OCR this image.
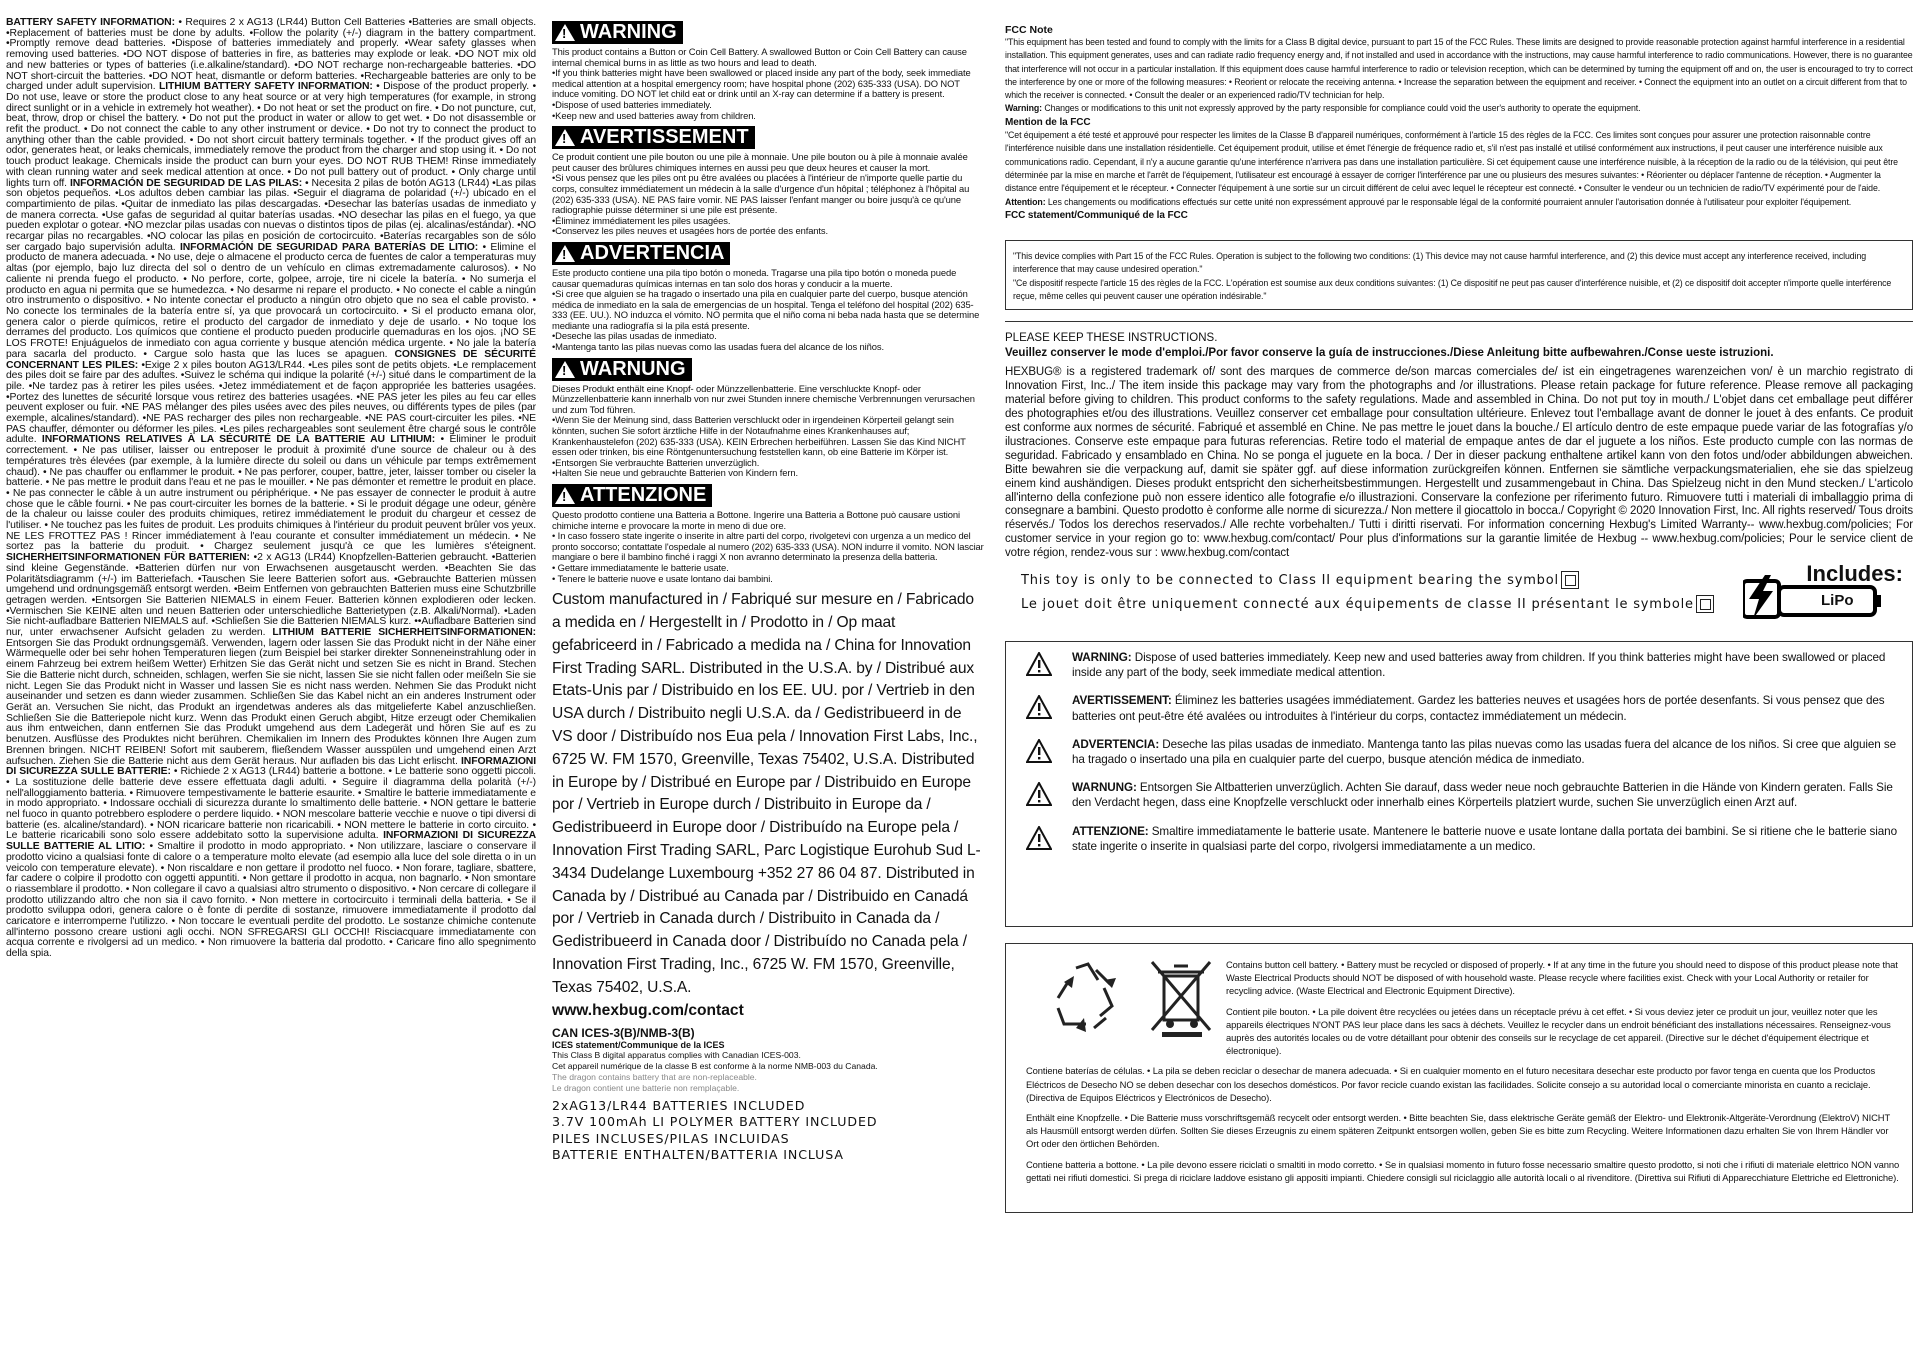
BATTERY SAFETY INFORMATION: • Requires 2 x AG13 (LR44) Button Cell Batteries •Batteries are small objects. •Replacement of batteries must be done by adults. •Follow the polarity (+/-) diagram in the battery compartment. •Promptly remove dead batteries. •Dispose of batteries immediately and properly. •Wear safety glasses when removing used batteries. •DO NOT dispose of batteries in fire, as batteries may explode or leak. •DO NOT mix old and new batteries or types of batteries (i.e.alkaline/standard). •DO NOT recharge non-rechargeable batteries. •DO NOT short-circuit the batteries. •DO NOT heat, dismantle or deform batteries. •Rechargeable batteries are only to be charged under adult supervision. LITHIUM BATTERY SAFETY INFORMATION: • Dispose of the product properly. • Do not use, leave or store the product close to any heat source or at very high temperatures (for example, in strong direct sunlight or in a vehicle in extremely hot weather). • Do not heat or set the product on fire. • Do not puncture, cut, beat, throw, drop or chisel the battery. • Do not put the product in water or allow to get wet. • Do not disassemble or refit the product. • Do not connect the cable to any other instrument or device. • Do not try to connect the product to anything other than the cable provided. • Do not short circuit battery terminals together. • If the product gives off an odor, generates heat, or leaks chemicals, immediately remove the product from the charger and stop using it. • Do not touch product leakage. Chemicals inside the product can burn your eyes. DO NOT RUB THEM! Rinse immediately with clean running water and seek medical attention at once. • Do not pull battery out of product. • Only charge until lights turn off. INFORMACIÓN DE SEGURIDAD DE LAS PILAS: • Necesita 2 pilas de botón AG13 (LR44) •Las pilas son objetos pequeños. •Los adultos deben cambiar las pilas. •Seguir el diagrama de polaridad (+/-) ubicado en el compartimiento de pilas. •Quitar de inmediato las pilas descargadas. •Desechar las baterías usadas de inmediato y de manera correcta. •Use gafas de seguridad al quitar baterías usadas. •NO desechar las pilas en el fuego, ya que pueden explotar o gotear. •NO mezclar pilas usadas con nuevas o distintos tipos de pilas (ej. alcalinas/estándar). •NO recargar pilas no recargables. •NO colocar las pilas en posición de cortocircuito. •Baterías recargables son de sólo ser cargado bajo supervisión adulta. INFORMACIÓN DE SEGURIDAD PARA BATERÍAS DE LITIO: • Elimine el producto de manera adecuada. • No use, deje o almacene el producto cerca de fuentes de calor a temperaturas muy altas (por ejemplo, bajo luz directa del sol o dentro de un vehículo en climas extremadamente calurosos). • No caliente ni prenda fuego el producto. • No perfore, corte, golpee, arroje, tire ni cicele la batería. • No sumerja el producto en agua ni permita que se humedezca. • No desarme ni repare el producto. • No conecte el cable a ningún otro instrumento o dispositivo. • No intente conectar el producto a ningún otro objeto que no sea el cable provisto. • No conecte los terminales de la batería entre sí, ya que provocará un cortocircuito. • Si el producto emana olor, genera calor o pierde químicos, retire el producto del cargador de inmediato y deje de usarlo. • No toque los derrames del producto. Los químicos que contiene el producto pueden producirle quemaduras en los ojos. ¡NO SE LOS FROTE! Enjuáguelos de inmediato con agua corriente y busque atención médica urgente. • No jale la batería para sacarla del producto. • Cargue solo hasta que las luces se apaguen. CONSIGNES DE SÉCURITÉ CONCERNANT LES PILES: •Exige 2 x piles bouton AG13/LR44. •Les piles sont de petits objets. •Le remplacement des piles doit se faire par des adultes. •Suivez le schéma qui indique la polarité (+/-) situé dans le compartiment de la pile. •Ne tardez pas à retirer les piles usées. •Jetez immédiatement et de façon appropriée les batteries usagées. •Portez des lunettes de sécurité lorsque vous retirez des batteries usagées. •NE PAS jeter les piles au feu car elles peuvent exploser ou fuir. •NE PAS mélanger des piles usées avec des piles neuves, ou différents types de piles (par exemple, alcalines/standard). •NE PAS recharger des piles non rechargeable. •NE PAS court-circuiter les piles. •NE PAS chauffer, démonter ou déformer les piles. •Les piles rechargeables sont seulement être chargé sous le contrôle adulte. INFORMATIONS RELATIVES À LA SÉCURITÉ DE LA BATTERIE AU LITHIUM: • Éliminer le produit correctement. • Ne pas utiliser, laisser ou entreposer le produit à proximité d'une source de chaleur ou à des températures très élevées (par exemple, à la lumière directe du soleil ou dans un véhicule par temps extrêmement chaud). • Ne pas chauffer ou enflammer le produit. • Ne pas perforer, couper, battre, jeter, laisser tomber ou ciseler la batterie. • Ne pas mettre le produit dans l'eau et ne pas le mouiller. • Ne pas démonter et remettre le produit en place. • Ne pas connecter le câble à un autre instrument ou périphérique. • Ne pas essayer de connecter le produit à autre chose que le câble fourni. • Ne pas court-circuiter les bornes de la batterie. • Si le produit dégage une odeur, génère de la chaleur ou laisse couler des produits chimiques, retirez immédiatement le produit du chargeur et cessez de l'utiliser. • Ne touchez pas les fuites de produit. Les produits chimiques à l'intérieur du produit peuvent brûler vos yeux. NE LES FROTTEZ PAS ! Rincer immédiatement à l'eau courante et consulter immédiatement un médecin. • Ne sortez pas la batterie du produit. • Chargez seulement jusqu'à ce que les lumières s'éteignent. SICHERHEITSINFORMATIONEN FÜR BATTERIEN: •2 x AG13 (LR44) Knopfzellen-Batterien gebraucht. •Batterien sind kleine Gegenstände. •Batterien dürfen nur von Erwachsenen ausgetauscht werden. •Beachten Sie das Polaritätsdiagramm (+/-) im Batteriefach. •Tauschen Sie leere Batterien sofort aus. •Gebrauchte Batterien müssen umgehend und ordnungsgemäß entsorgt werden. •Beim Entfernen von gebrauchten Batterien muss eine Schutzbrille getragen werden. •Entsorgen Sie Batterien NIEMALS in einem Feuer. Batterien können explodieren oder lecken. •Vermischen Sie KEINE alten und neuen Batterien oder unterschiedliche Batterietypen (z.B. Alkali/Normal). •Laden Sie nicht-aufladbare Batterien NIEMALS auf. •Schließen Sie die Batterien NIEMALS kurz. ••Aufladbare Batterien sind nur, unter erwachsener Aufsicht geladen zu werden. LITHIUM BATTERIE SICHERHEITSINFORMATIONEN: Entsorgen Sie das Produkt ordnungsgemäß. Verwenden, lagern oder lassen Sie das Produkt nicht in der Nähe einer Wärmequelle oder bei sehr hohen Temperaturen liegen (zum Beispiel bei starker direkter Sonneneinstrahlung oder in einem Fahrzeug bei extrem heißem Wetter) Erhitzen Sie das Gerät nicht und setzen Sie es nicht in Brand. Stechen Sie die Batterie nicht durch, schneiden, schlagen, werfen Sie sie nicht, lassen Sie sie nicht fallen oder meißeln Sie sie nicht. Legen Sie das Produkt nicht in Wasser und lassen Sie es nicht nass werden. Nehmen Sie das Produkt nicht auseinander und setzen es dann wieder zusammen. Schließen Sie das Kabel nicht an ein anderes Instrument oder Gerät an. Versuchen Sie nicht, das Produkt an irgendetwas anderes als das mitgelieferte Kabel anzuschließen. Schließen Sie die Batteriepole nicht kurz. Wenn das Produkt einen Geruch abgibt, Hitze erzeugt oder Chemikalien aus ihm entweichen, dann entfernen Sie das Produkt umgehend aus dem Ladegerät und hören Sie auf es zu benutzen. Ausflüsse des Produktes nicht berühren. Chemikalien im Innern des Produktes können Ihre Augen zum Brennen bringen. NICHT REIBEN! Sofort mit sauberem, fließendem Wasser ausspülen und umgehend einen Arzt aufsuchen. Ziehen Sie die Batterie nicht aus dem Gerät heraus. Nur aufladen bis das Licht erlischt. INFORMAZIONI DI SICUREZZA SULLE BATTERIE: • Richiede 2 x AG13 (LR44) batterie a bottone. • Le batterie sono oggetti piccoli. • La sostituzione delle batterie deve essere effettuata dagli adulti. • Seguire il diagramma della polarità (+/-) nell'alloggiamento batteria. • Rimuovere tempestivamente le batterie esaurite. • Smaltire le batterie immediatamente e in modo appropriato. • Indossare occhiali di sicurezza durante lo smaltimento delle batterie. • NON gettare le batterie nel fuoco in quanto potrebbero esplodere o perdere liquido. • NON mescolare batterie vecchie e nuove o tipi diversi di batterie (es. alcaline/standard). • NON ricaricare batterie non ricaricabili. • NON mettere le batterie in corto circuito. • Le batterie ricaricabili sono solo essere addebitato sotto la supervisione adulta. INFORMAZIONI DI SICUREZZA SULLE BATTERIE AL LITIO: • Smaltire il prodotto in modo appropriato. • Non utilizzare, lasciare o conservare il prodotto vicino a qualsiasi fonte di calore o a temperature molto elevate (ad esempio alla luce del sole diretta o in un veicolo con temperature elevate). • Non riscaldare e non gettare il prodotto nel fuoco. • Non forare, tagliare, sbattere, far cadere o colpire il prodotto con oggetti appuntiti. • Non gettare il prodotto in acqua, non bagnarlo. • Non smontare o riassemblare il prodotto. • Non collegare il cavo a qualsiasi altro strumento o dispositivo. • Non cercare di collegare il prodotto utilizzando altro che non sia il cavo fornito. • Non mettere in cortocircuito i terminali della batteria. • Se il prodotto sviluppa odori, genera calore o è fonte di perdite di sostanze, rimuovere immediatamente il prodotto dal caricatore e interromperne l'utilizzo. • Non toccare le eventuali perdite del prodotto. Le sostanze chimiche contenute all'interno possono creare ustioni agli occhi. NON SFREGARSI GLI OCCHI! Risciacquare immediatamente con acqua corrente e rivolgersi ad un medico. • Non rimuovere la batteria dal prodotto. • Caricare fino allo spegnimento della spia.

!
WARNING
This product contains a Button or Coin Cell Battery. A swallowed Button or Coin Cell Battery can cause internal chemical burns in as little as two hours and lead to death.
•If you think batteries might have been swallowed or placed inside any part of the body, seek immediate medical attention at a hospital emergency room; have hospital phone (202) 635-333 (USA). DO NOT induce vomiting. DO NOT let child eat or drink until an X-ray can determine if a battery is present.
•Dispose of used batteries immediately.
•Keep new and used batteries away from children.
!
AVERTISSEMENT
Ce produit contient une pile bouton ou une pile à monnaie. Une pile bouton ou à pile à monnaie avalée peut causer des brûlures chimiques internes en aussi peu que deux heures et causer la mort.
•Si vous pensez que les piles ont pu être avalées ou placées à l'intérieur de n'importe quelle partie du corps, consultez immédiatement un médecin à la salle d'urgence d'un hôpital ; téléphonez à l'hôpital au (202) 635-333 (USA). NE PAS faire vomir. NE PAS laisser l'enfant manger ou boire jusqu'à ce qu'une radiographie puisse déterminer si une pile est présente.
•Éliminez immédiatement les piles usagées.
•Conservez les piles neuves et usagées hors de portée des enfants.
!
ADVERTENCIA
Este producto contiene una pila tipo botón o moneda. Tragarse una pila tipo botón o moneda puede causar quemaduras químicas internas en tan solo dos horas y conducir a la muerte.
•Si cree que alguien se ha tragado o insertado una pila en cualquier parte del cuerpo, busque atención médica de inmediato en la sala de emergencias de un hospital. Tenga el teléfono del hospital (202) 635-333 (EE. UU.). NO induzca el vómito. NO permita que el niño coma ni beba nada hasta que se determine mediante una radiografía si la pila está presente.
•Deseche las pilas usadas de inmediato.
•Mantenga tanto las pilas nuevas como las usadas fuera del alcance de los niños.
!
WARNUNG
Dieses Produkt enthält eine Knopf- oder Münzzellenbatterie. Eine verschluckte Knopf- oder Münzzellenbatterie kann innerhalb von nur zwei Stunden innere chemische Verbrennungen verursachen und zum Tod führen.
•Wenn Sie der Meinung sind, dass Batterien verschluckt oder in irgendeinen Körperteil gelangt sein könnten, suchen Sie sofort ärztliche Hilfe in der Notaufnahme eines Krankenhauses auf; Krankenhaustelefon (202) 635-333 (USA). KEIN Erbrechen herbeiführen. Lassen Sie das Kind NICHT essen oder trinken, bis eine Röntgenuntersuchung feststellen kann, ob eine Batterie im Körper ist.
•Entsorgen Sie verbrauchte Batterien unverzüglich.
•Halten Sie neue und gebrauchte Batterien von Kindern fern.
!
ATTENZIONE
Questo prodotto contiene una Batteria a Bottone. Ingerire una Batteria a Bottone può causare ustioni chimiche interne e provocare la morte in meno di due ore.
• In caso fossero state ingerite o inserite in altre parti del corpo, rivolgetevi con urgenza a un medico del pronto soccorso; contattate l'ospedale al numero (202) 635-333 (USA). NON indurre il vomito. NON lasciar mangiare o bere il bambino finché i raggi X non avranno determinato la presenza della batteria.
• Gettare immediatamente le batterie usate.
• Tenere le batterie nuove e usate lontano dai bambini.
Custom manufactured in / Fabriqué sur mesure en / Fabricado a medida en / Hergestellt in / Prodotto in / Op maat gefabriceerd in / Fabricado a medida na / China for Innovation First Trading SARL. Distributed in the U.S.A. by / Distribué aux Etats-Unis par / Distribuido en los EE. UU. por / Vertrieb in den USA durch / Distribuito negli U.S.A. da / Gedistribueerd in de VS door / Distribuído nos Eua pela / Innovation First Labs, Inc., 6725 W. FM 1570, Greenville, Texas 75402, U.S.A. Distributed in Europe by / Distribué en Europe par / Distribuido en Europe por / Vertrieb in Europe durch / Distribuito in Europe da / Gedistribueerd in Europe door / Distribuído na Europe pela / Innovation First Trading SARL, Parc Logistique Eurohub Sud L-3434 Dudelange Luxembourg +352 27 86 04 87. Distributed in Canada by / Distribué au Canada par / Distribuido en Canadá por / Vertrieb in Canada durch / Distribuito in Canada da / Gedistribueerd in Canada door / Distribuído no Canada pela / Innovation First Trading, Inc., 6725 W. FM 1570, Greenville, Texas 75402, U.S.A.
www.hexbug.com/contact
CAN ICES-3(B)/NMB-3(B)
ICES statement/Communique de la ICES
This Class B digital apparatus complies with Canadian ICES-003.
Cet appareil numérique de la classe B est conforme à la norme NMB-003 du Canada.
The dragon contains battery that are non-replaceable.
Le dragon contient une batterie non remplaçable.
2xAG13/LR44 BATTERIES INCLUDED
3.7V 100mAh LI POLYMER BATTERY INCLUDED
PILES INCLUSES/PILAS INCLUIDAS
BATTERIE ENTHALTEN/BATTERIA INCLUSA
FCC Note
"This equipment has been tested and found to comply with the limits for a Class B digital device, pursuant to part 15 of the FCC Rules. These limits are designed to provide reasonable protection against harmful interference in a residential installation. This equipment generates, uses and can radiate radio frequency energy and, if not installed and used in accordance with the instructions, may cause harmful interference to radio communications. However, there is no guarantee that interference will not occur in a particular installation. If this equipment does cause harmful interference to radio or television reception, which can be determined by turning the equipment off and on, the user is encouraged to try to correct the interference by one or more of the following measures: • Reorient or relocate the receiving antenna. • Increase the separation between the equipment and receiver. • Connect the equipment into an outlet on a circuit different from that to which the receiver is connected. • Consult the dealer or an experienced radio/TV technician for help.
Warning: Changes or modifications to this unit not expressly approved by the party responsible for compliance could void the user's authority to operate the equipment.
Mention de la FCC
"Cet équipement a été testé et approuvé pour respecter les limites de la Classe B d'appareil numériques, conformément à l'article 15 des règles de la FCC. Ces limites sont conçues pour assurer une protection raisonnable contre l'interférence nuisible dans une installation résidentielle. Cet équipement produit, utilise et émet l'énergie de fréquence radio et, s'il n'est pas installé et utilisé conformément aux instructions, il peut causer une interférence nuisible aux communications radio. Cependant, il n'y a aucune garantie qu'une interférence n'arrivera pas dans une installation particulière. Si cet équipement cause une interférence nuisible, à la réception de la radio ou de la télévision, qui peut être déterminée par la mise en marche et l'arrêt de l'équipement, l'utilisateur est encouragé à essayer de corriger l'interférence par une ou plusieurs des mesures suivantes: • Réorienter ou déplacer l'antenne de réception. • Augmenter la distance entre l'équipement et le récepteur. • Connecter l'équipement à une sortie sur un circuit différent de celui avec lequel le récepteur est connecté. • Consulter le vendeur ou un technicien de radio/TV expérimenté pour de l'aide.
Attention: Les changements ou modifications effectués sur cette unité non expressément approuvé par le responsable légal de la conformité pourraient annuler l'autorisation donnée à l'utilisateur pour exploiter l'équipement.
FCC statement/Communiqué de la FCC
"This device complies with Part 15 of the FCC Rules. Operation is subject to the following two conditions: (1) This device may not cause harmful interference, and (2) this device must accept any interference received, including interference that may cause undesired operation."
"Ce dispositif respecte l'article 15 des règles de la FCC. L'opération est soumise aux deux conditions suivantes: (1) Ce dispositif ne peut pas causer d'interférence nuisible, et (2) ce dispositif doit accepter n'importe quelle interférence reçue, même celles qui peuvent causer une opération indésirable."
PLEASE KEEP THESE INSTRUCTIONS.
Veuillez conserver le mode d'emploi./Por favor conserve la guía de instrucciones./Diese Anleitung bitte aufbewahren./Conse ueste istruzioni.
HEXBUG® is a registered trademark of/ sont des marques de commerce de/son marcas comerciales de/ ist ein eingetragenes warenzeichen von/ è un marchio registrato di Innovation First, Inc../ The item inside this package may vary from the photographs and /or illustrations. Please retain package for future reference. Please remove all packaging material before giving to children. This product conforms to the safety regulations. Made and assembled in China. Do not put toy in mouth./ L'objet dans cet emballage peut différer des photographies et/ou des illustrations. Veuillez conserver cet emballage pour consultation ultérieure. Enlevez tout l'emballage avant de donner le jouet à des enfants. Ce produit est conforme aux normes de sécurité. Fabriqué et assemblé en Chine. Ne pas mettre le jouet dans la bouche./ El artículo dentro de este empaque puede variar de las fotografías y/o ilustraciones. Conserve este empaque para futuras referencias. Retire todo el material de empaque antes de dar el juguete a los niños. Este producto cumple con las normas de seguridad. Fabricado y ensamblado en China. No se ponga el juguete en la boca. / Der in dieser packung enthaltene artikel kann von den fotos und/oder abbildungen abweichen. Bitte bewahren sie die verpackung auf, damit sie später ggf. auf diese information zurückgreifen können. Entfernen sie sämtliche verpackungsmaterialien, ehe sie das spielzeug einem kind aushändigen. Dieses produkt entspricht den sicherheitsbestimmungen. Hergestellt und zusammengebaut in China. Das Spielzeug nicht in den Mund stecken./ L'articolo all'interno della confezione può non essere identico alle fotografie e/o illustrazioni. Conservare la confezione per riferimento futuro. Rimuovere tutti i materiali di imballaggio prima di consegnare a bambini. Questo prodotto è conforme alle norme di sicurezza./ Non mettere il giocattolo in bocca./ Copyright © 2020 Innovation First, Inc. All rights reserved/ Tous droits réservés./ Todos los derechos reservados./ Alle rechte vorbehalten./ Tutti i diritti riservati. For information concerning Hexbug's Limited Warranty-- www.hexbug.com/policies; For customer service in your region go to: www.hexbug.com/contact/ Pour plus d'informations sur la garantie limitée de Hexbug -- www.hexbug.com/policies; Pour le service client de votre région, rendez-vous sur : www.hexbug.com/contact
This toy is only to be connected to Class II equipment bearing the symbol
Le jouet doit être uniquement connecté aux équipements de classe II présentant le symbole
Includes:
LiPo
WARNING: Dispose of used batteries immediately. Keep new and used batteries away from children. If you think batteries might have been swallowed or placed inside any part of the body, seek immediate medical attention.
AVERTISSEMENT: Éliminez les batteries usagées immédiatement. Gardez les batteries neuves et usagées hors de portée desenfants. Si vous pensez que des batteries ont peut-être été avalées ou introduites à l'intérieur du corps, contactez immédiatement un médecin.
ADVERTENCIA: Deseche las pilas usadas de inmediato. Mantenga tanto las pilas nuevas como las usadas fuera del alcance de los niños. Si cree que alguien se ha tragado o insertado una pila en cualquier parte del cuerpo, busque atención médica de inmediato.
WARNUNG: Entsorgen Sie Altbatterien unverzüglich. Achten Sie darauf, dass weder neue noch gebrauchte Batterien in die Hände von Kindern geraten. Falls Sie den Verdacht hegen, dass eine Knopfzelle verschluckt oder innerhalb eines Körperteils platziert wurde, suchen Sie unverzüglich einen Arzt auf.
ATTENZIONE: Smaltire immediatamente le batterie usate. Mantenere le batterie nuove e usate lontane dalla portata dei bambini. Se si ritiene che le batterie siano state ingerite o inserite in qualsiasi parte del corpo, rivolgersi immediatamente a un medico.
Contains button cell battery. • Battery must be recycled or disposed of properly. • If at any time in the future you should need to dispose of this product please note that Waste Electrical Products should NOT be disposed of with household waste. Please recycle where facilities exist. Check with your Local Authority or retailer for recycling advice. (Waste Electrical and Electronic Equipment Directive).
Contient pile bouton. • La pile doivent être recyclées ou jetées dans un réceptacle prévu à cet effet. • Si vous deviez jeter ce produit un jour, veuillez noter que les appareils électriques N'ONT PAS leur place dans les sacs à déchets. Veuillez le recycler dans un endroit bénéficiant des installations nécessaires. Renseignez-vous auprès des autorités locales ou de votre détaillant pour obtenir des conseils sur le recyclage de cet appareil. (Directive sur le déchet d'équipement électrique et électronique).
Contiene baterías de células. • La pila se deben reciclar o desechar de manera adecuada. • Si en cualquier momento en el futuro necesitara desechar este producto por favor tenga en cuenta que los Productos Eléctricos de Desecho NO se deben desechar con los desechos domésticos. Por favor recicle cuando existan las facilidades. Solicite consejo a su autoridad local o comerciante minorista en cuanto a reciclaje. (Directiva de Equipos Eléctricos y Electrónicos de Desecho).
Enthält eine Knopfzelle. • Die Batterie muss vorschriftsgemäß recycelt oder entsorgt werden. • Bitte beachten Sie, dass elektrische Geräte gemäß der Elektro- und Elektronik-Altgeräte-Verordnung (ElektroV) NICHT als Hausmüll entsorgt werden dürfen. Sollten Sie dieses Erzeugnis zu einem späteren Zeitpunkt entsorgen wollen, geben Sie es bitte zum Recycling. Weitere Informationen dazu erhalten Sie von Ihrem Händler vor Ort oder den örtlichen Behörden.
Contiene batteria a bottone. • La pile devono essere riciclati o smaltiti in modo corretto. • Se in qualsiasi momento in futuro fosse necessario smaltire questo prodotto, si noti che i rifiuti di materiale elettrico NON vanno gettati nei rifiuti domestici. Si prega di riciclare laddove esistano gli appositi impianti. Chiedere consigli sul riciclaggio alle autorità locali o al rivenditore. (Direttiva sui Rifiuti di Apparecchiature Elettriche ed Elettroniche).
